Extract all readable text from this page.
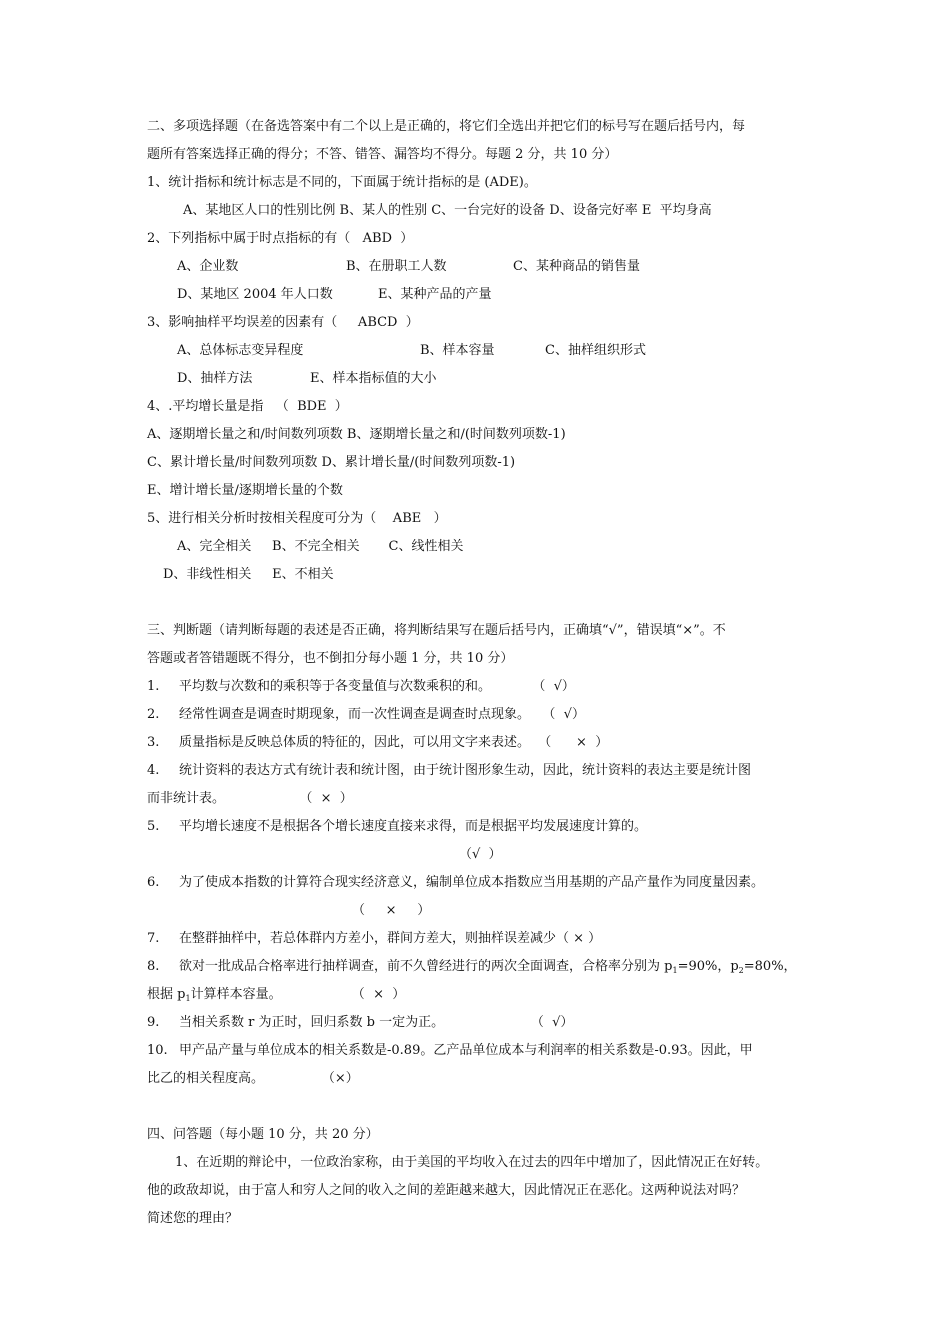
二、多项选择题（在备选答案中有二个以上是正确的，将它们全选出并把它们的标号写在题后括号内，每
题所有答案选择正确的得分；不答、错答、漏答均不得分。每题 2 分，共 10 分）
1、统计指标和统计标志是不同的，下面属于统计指标的是 (ADE)。
A、某地区人口的性别比例 B、某人的性别 C、一台完好的设备 D、设备完好率 E  平均身高
2、下列指标中属于时点指标的有（   ABD  ）
A、企业数	B、在册职工人数	C、某种商品的销售量
D、某地区 2004 年人口数	E、某种产品的产量
3、影响抽样平均误差的因素有（     ABCD  ）
A、总体标志变异程度	B、样本容量	C、抽样组织形式
D、抽样方法	E、样本指标值的大小
4、.平均增长量是指   （  BDE  ）
A、逐期增长量之和/时间数列项数 B、逐期增长量之和/(时间数列项数-1)
C、累计增长量/时间数列项数 D、累计增长量/(时间数列项数-1)
E、增计增长量/逐期增长量的个数
5、进行相关分析时按相关程度可分为（    ABE   ）
A、完全相关     B、不完全相关       C、线性相关
D、非线性相关     E、不相关
三、判断题（请判断每题的表述是否正确，将判断结果写在题后括号内，正确填“√”，错误填“×”。不
答题或者答错题既不得分，也不倒扣分每小题 1 分，共 10 分）
1. 平均数与次数和的乘积等于各变量值与次数乘积的和。          （  √）
2. 经常性调查是调查时期现象，而一次性调查是调查时点现象。   （  √）
3. 质量指标是反映总体质的特征的，因此，可以用文字来表述。  （      ×  ）
4. 统计资料的表达方式有统计表和统计图，由于统计图形象生动，因此，统计资料的表达主要是统计图
而非统计表。                  （  ×  ）
5. 平均增长速度不是根据各个增长速度直接来求得，而是根据平均发展速度计算的。
（√  ）
6. 为了使成本指数的计算符合现实经济意义，编制单位成本指数应当用基期的产品产量作为同度量因素。
（     ×     ）
7. 在整群抽样中，若总体群内方差小，群间方差大，则抽样误差减少（ × ）
8. 欲对一批成品合格率进行抽样调查，前不久曾经进行的两次全面调查，合格率分别为 $p_1=90\%$，$p_2=80\%$，
根据 $p_1$计算样本容量。                 （  ×  ）
9. 当相关系数 r 为正时，回归系数 b 一定为正。                     （  √）
10. 甲产品产量与单位成本的相关系数是-0.89。乙产品单位成本与利润率的相关系数是-0.93。因此，甲
比乙的相关程度高。              （×）
四、问答题（每小题 10 分，共 20 分）
1、在近期的辩论中，一位政治家称，由于美国的平均收入在过去的四年中增加了，因此情况正在好转。
他的政敌却说，由于富人和穷人之间的收入之间的差距越来越大，因此情况正在恶化。这两种说法对吗？
简述您的理由？
